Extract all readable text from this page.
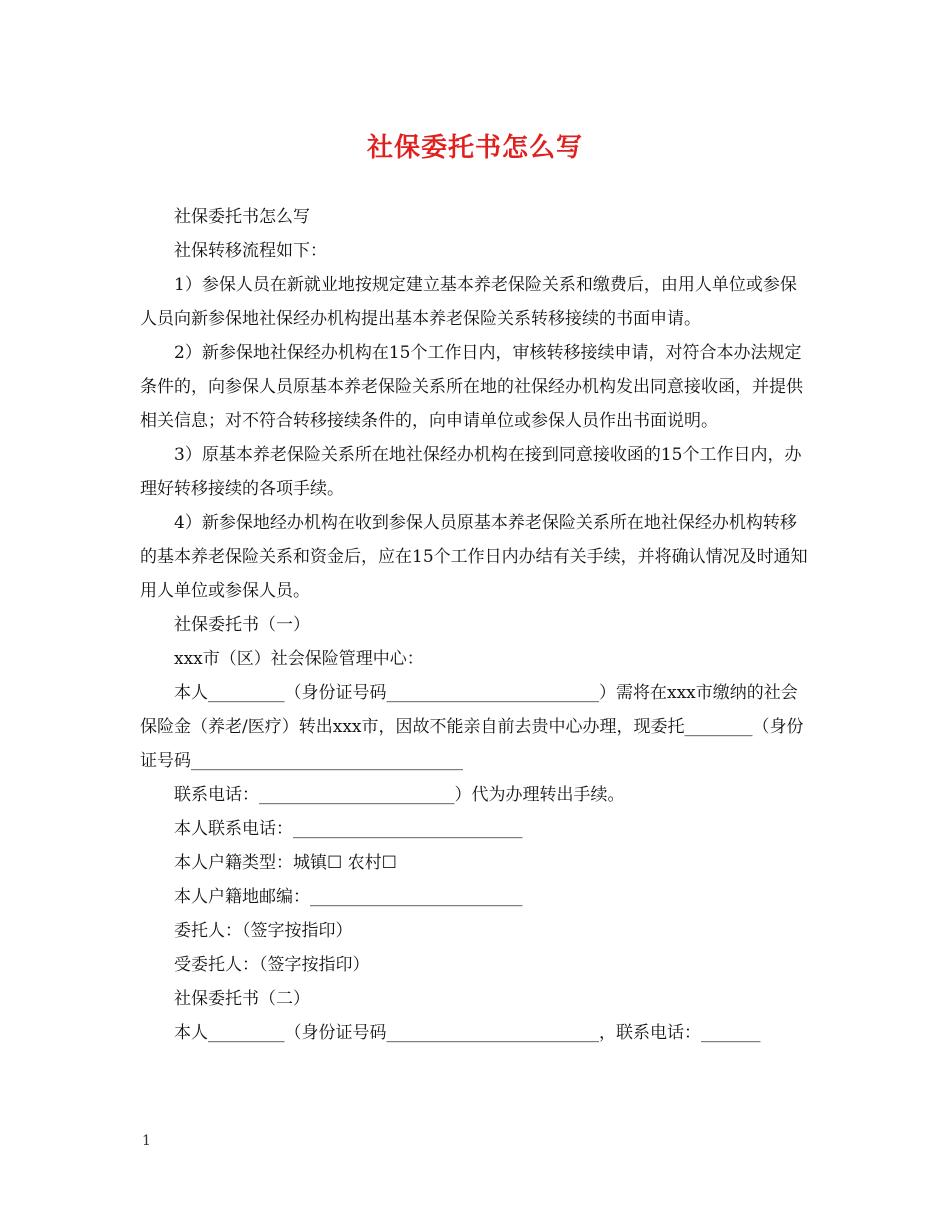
社保委托书怎么写

社保委托书怎么写

社保转移流程如下：

1）参保人员在新就业地按规定建立基本养老保险关系和缴费后，由用人单位或参保人员向新参保地社保经办机构提出基本养老保险关系转移接续的书面申请。

2）新参保地社保经办机构在15个工作日内，审核转移接续申请，对符合本办法规定条件的，向参保人员原基本养老保险关系所在地的社保经办机构发出同意接收函，并提供相关信息；对不符合转移接续条件的，向申请单位或参保人员作出书面说明。

3）原基本养老保险关系所在地社保经办机构在接到同意接收函的15个工作日内，办理好转移接续的各项手续。

4）新参保地经办机构在收到参保人员原基本养老保险关系所在地社保经办机构转移的基本养老保险关系和资金后，应在15个工作日内办结有关手续，并将确认情况及时通知用人单位或参保人员。

社保委托书（一）

xxx市（区）社会保险管理中心：

本人_________（身份证号码_________________________）需将在xxx市缴纳的社会保险金（养老/医疗）转出xxx市，因故不能亲自前去贵中心办理，现委托________（身份证号码________________________________

联系电话：_______________________）代为办理转出手续。

本人联系电话：___________________________

本人户籍类型：城镇☐ 农村☐

本人户籍地邮编：_________________________

委托人：（签字按指印）

受委托人：（签字按指印）

社保委托书（二）

本人_________（身份证号码_________________________，联系电话：_______

1
